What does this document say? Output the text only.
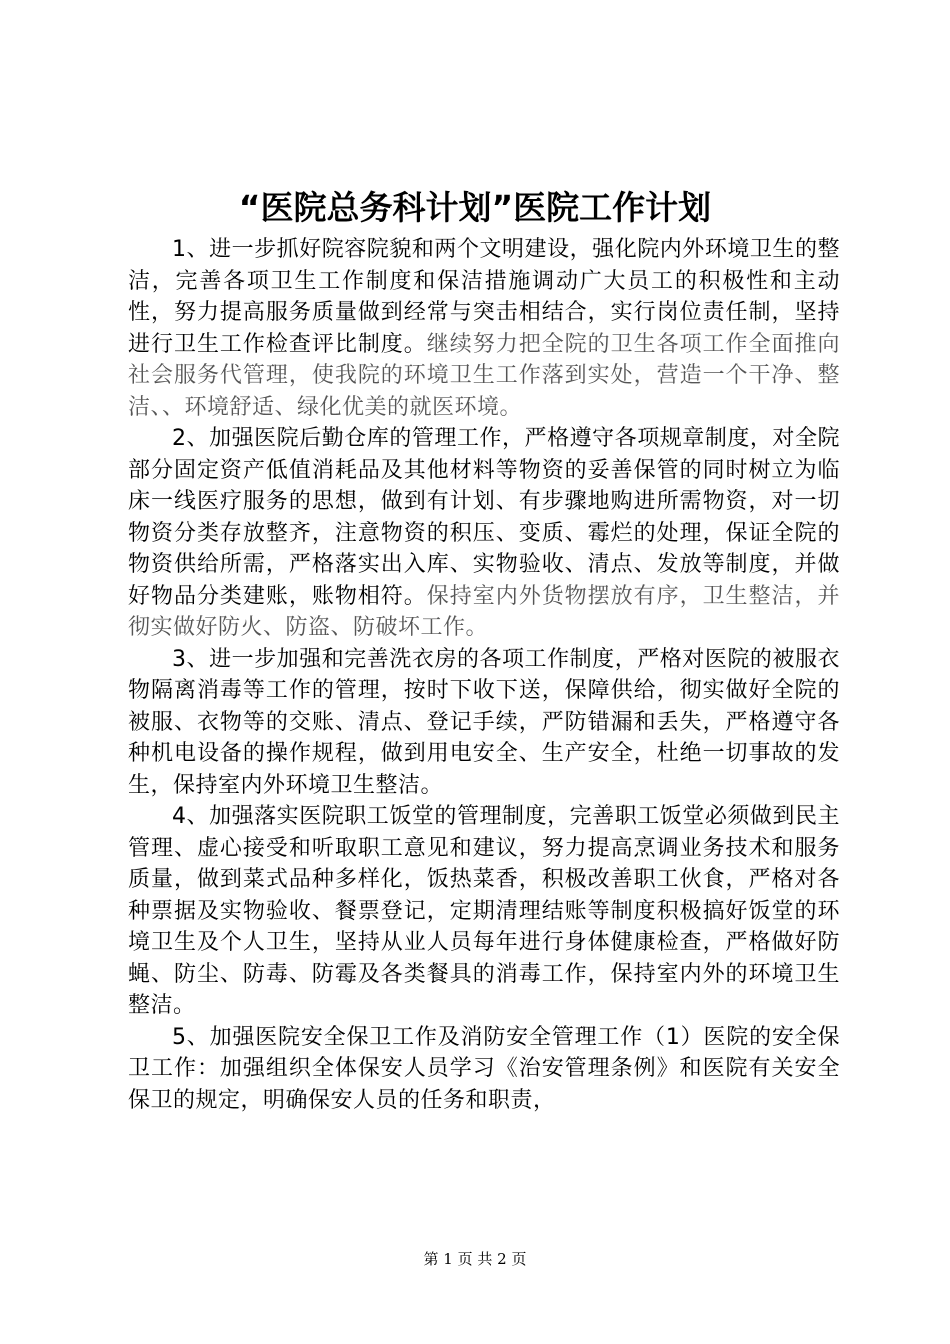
“医院总务科计划”医院工作计划

1、进一步抓好院容院貌和两个文明建设，强化院内外环境卫生的整洁，完善各项卫生工作制度和保洁措施调动广大员工的积极性和主动性，努力提高服务质量做到经常与突击相结合，实行岗位责任制，坚持进行卫生工作检查评比制度。继续努力把全院的卫生各项工作全面推向社会服务代管理，使我院的环境卫生工作落到实处，营造一个干净、整洁、、环境舒适、绿化优美的就医环境。

2、加强医院后勤仓库的管理工作，严格遵守各项规章制度，对全院部分固定资产低值消耗品及其他材料等物资的妥善保管的同时树立为临床一线医疗服务的思想，做到有计划、有步骤地购进所需物资，对一切物资分类存放整齐，注意物资的积压、变质、霉烂的处理，保证全院的物资供给所需，严格落实出入库、实物验收、清点、发放等制度，并做好物品分类建账，账物相符。保持室内外货物摆放有序，卫生整洁，并彻实做好防火、防盗、防破坏工作。

3、进一步加强和完善洗衣房的各项工作制度，严格对医院的被服衣物隔离消毒等工作的管理，按时下收下送，保障供给，彻实做好全院的被服、衣物等的交账、清点、登记手续，严防错漏和丢失，严格遵守各种机电设备的操作规程，做到用电安全、生产安全，杜绝一切事故的发生，保持室内外环境卫生整洁。

4、加强落实医院职工饭堂的管理制度，完善职工饭堂必须做到民主管理、虚心接受和听取职工意见和建议，努力提高烹调业务技术和服务质量，做到菜式品种多样化，饭热菜香，积极改善职工伙食，严格对各种票据及实物验收、餐票登记，定期清理结账等制度积极搞好饭堂的环境卫生及个人卫生，坚持从业人员每年进行身体健康检查，严格做好防蝇、防尘、防毒、防霉及各类餐具的消毒工作，保持室内外的环境卫生整洁。

5、加强医院安全保卫工作及消防安全管理工作（1）医院的安全保卫工作：加强组织全体保安人员学习《治安管理条例》和医院有关安全保卫的规定，明确保安人员的任务和职责，

第 1 页 共 2 页
